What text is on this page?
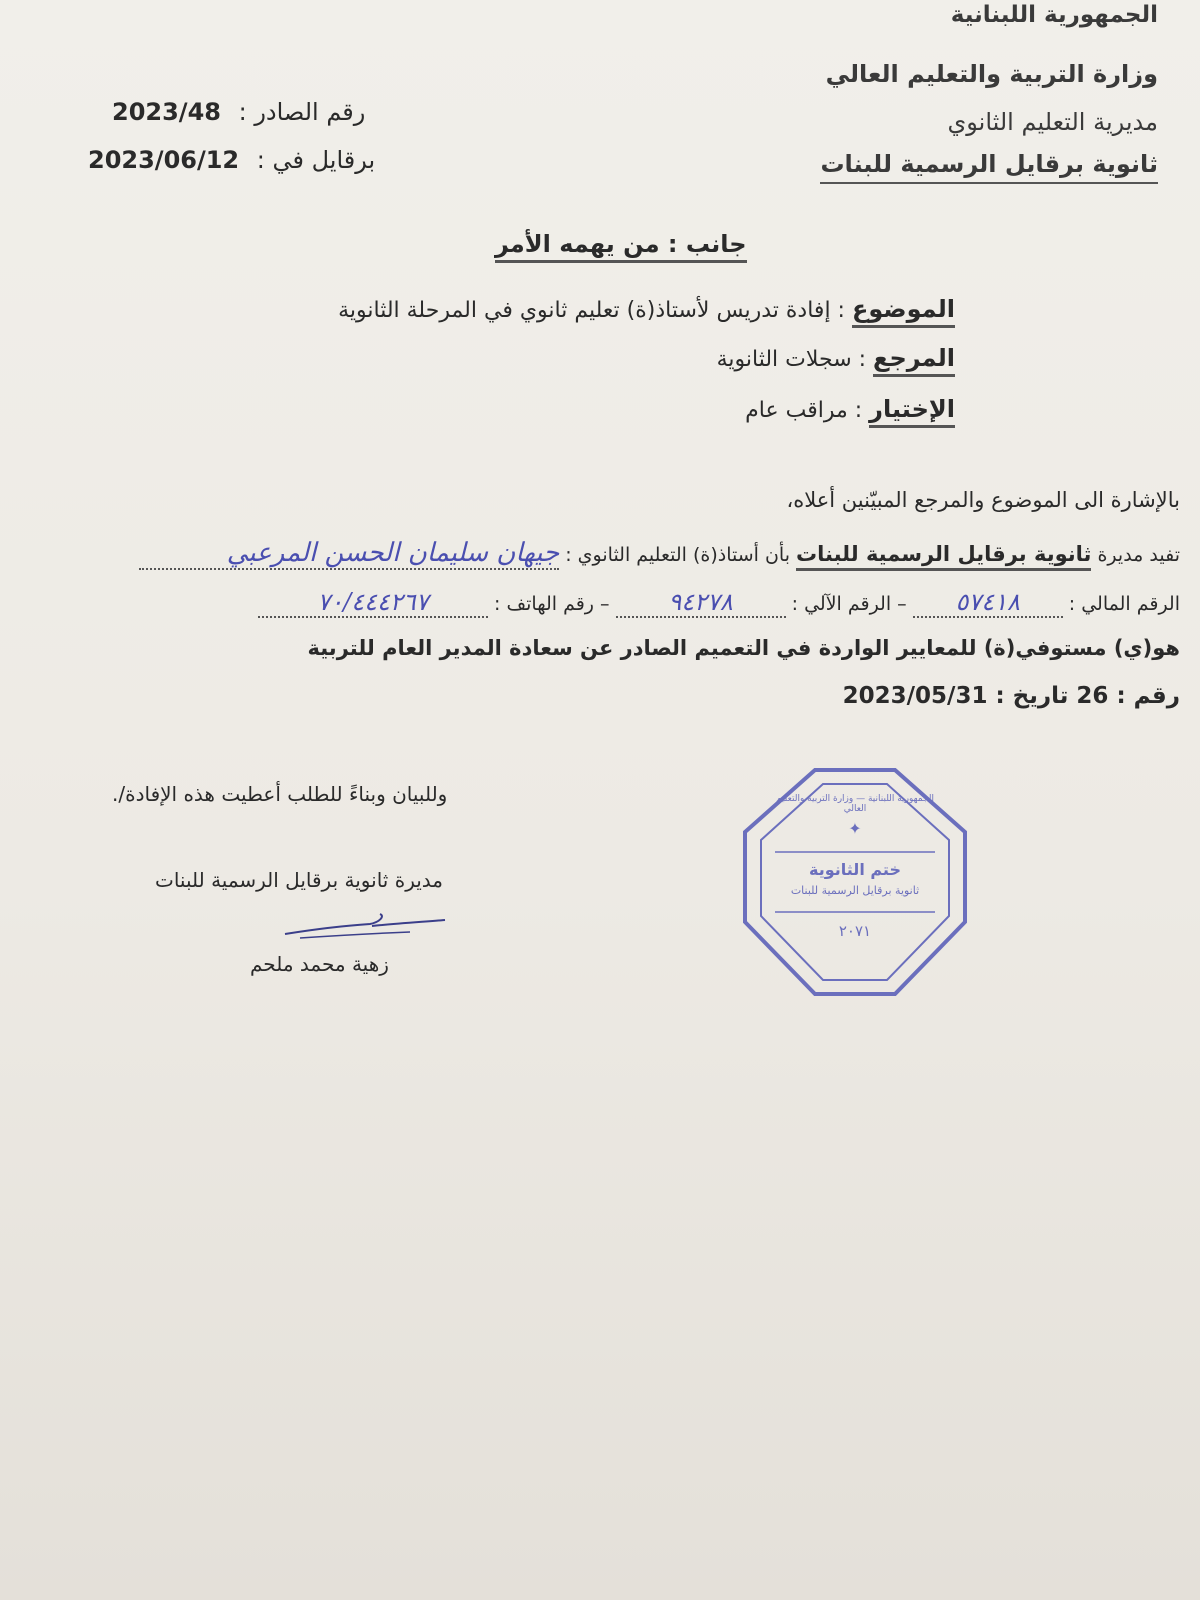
الجمهورية اللبنانية
وزارة التربية والتعليم العالي
مديرية التعليم الثانوي
ثانوية برقايل الرسمية للبنات
2023/48 رقم الصادر :
2023/06/12 برقايل في :
جانب : من يهمه الأمر
الموضوع : إفادة تدريس لأستاذ(ة) تعليم ثانوي في المرحلة الثانوية
المرجع : سجلات الثانوية
الإختيار : مراقب عام
بالإشارة الى الموضوع والمرجع المبيّنين أعلاه،
تفيد مديرة ثانوية برقايل الرسمية للبنات بأن أستاذ(ة) التعليم الثانوي : جيهان سليمان الحسن المرعبي
الرقم المالي : ٥٧٤١٨ – الرقم الآلي : ٩٤٢٧٨ – رقم الهاتف : ٧٠/٤٤٤٢٦٧
هو(ي) مستوفي(ة) للمعايير الواردة في التعميم الصادر عن سعادة المدير العام للتربية
رقم : 26 تاريخ : 2023/05/31
وللبيان وبناءً للطلب أعطيت هذه الإفادة/.
مديرة ثانوية برقايل الرسمية للبنات
زهية محمد ملحم
✦
الجمهورية اللبنانية — وزارة التربية والتعليم العالي
ختم الثانوية
ثانوية برقايل الرسمية للبنات
٢٠٧١
